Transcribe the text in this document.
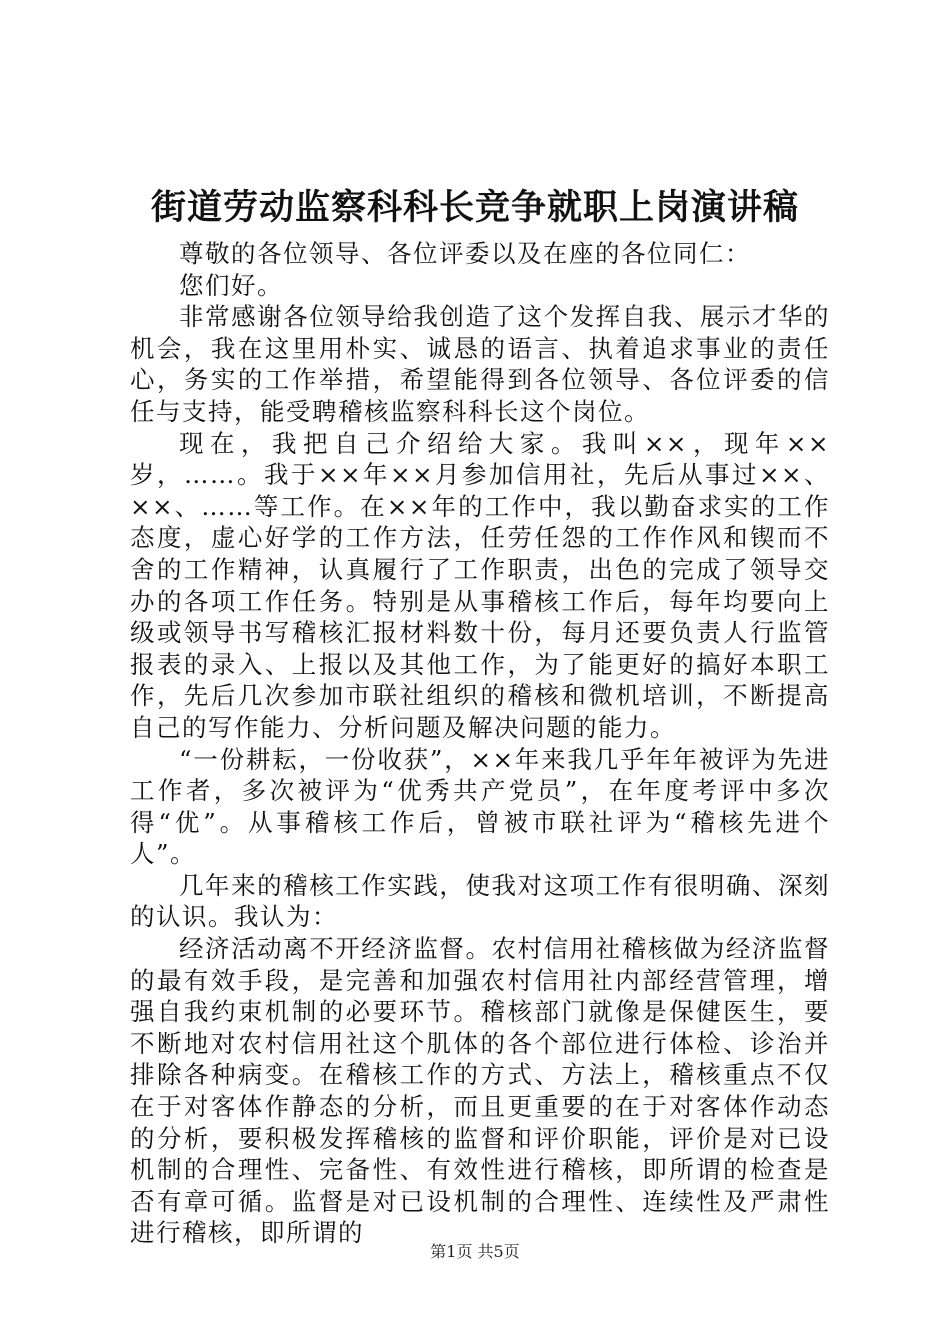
街道劳动监察科科长竞争就职上岗演讲稿

尊敬的各位领导、各位评委以及在座的各位同仁：

您们好。

非常感谢各位领导给我创造了这个发挥自我、展示才华的机会，我在这里用朴实、诚恳的语言、执着追求事业的责任心，务实的工作举措，希望能得到各位领导、各位评委的信任与支持，能受聘稽核监察科科长这个岗位。

现在，我把自己介绍给大家。我叫××，现年××岁，……。我于××年××月参加信用社，先后从事过××、××、……等工作。在××年的工作中，我以勤奋求实的工作态度，虚心好学的工作方法，任劳任怨的工作作风和锲而不舍的工作精神，认真履行了工作职责，出色的完成了领导交办的各项工作任务。特别是从事稽核工作后，每年均要向上级或领导书写稽核汇报材料数十份，每月还要负责人行监管报表的录入、上报以及其他工作，为了能更好的搞好本职工作，先后几次参加市联社组织的稽核和微机培训，不断提高自己的写作能力、分析问题及解决问题的能力。

“一份耕耘，一份收获”，××年来我几乎年年被评为先进工作者，多次被评为“优秀共产党员”，在年度考评中多次得“优”。从事稽核工作后，曾被市联社评为“稽核先进个人”。

几年来的稽核工作实践，使我对这项工作有很明确、深刻的认识。我认为：

经济活动离不开经济监督。农村信用社稽核做为经济监督的最有效手段，是完善和加强农村信用社内部经营管理，增强自我约束机制的必要环节。稽核部门就像是保健医生，要不断地对农村信用社这个肌体的各个部位进行体检、诊治并排除各种病变。在稽核工作的方式、方法上，稽核重点不仅在于对客体作静态的分析，而且更重要的在于对客体作动态的分析，要积极发挥稽核的监督和评价职能，评价是对已设机制的合理性、完备性、有效性进行稽核，即所谓的检查是否有章可循。监督是对已设机制的合理性、连续性及严肃性进行稽核，即所谓的

第1页 共5页
